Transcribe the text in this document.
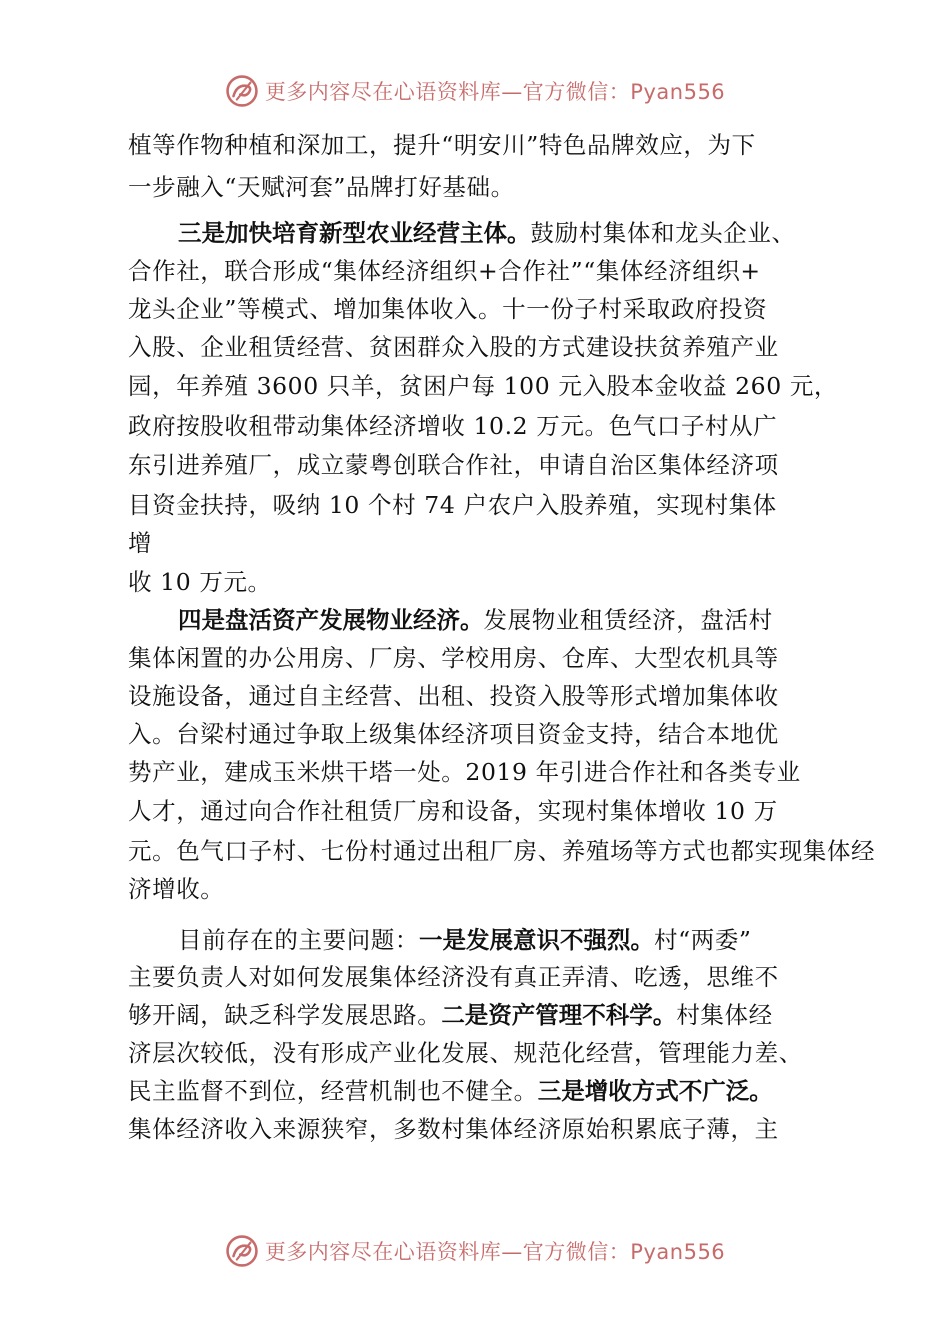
更多内容尽在心语资料库—官方微信：Pyan556
植等作物种植和深加工，提升“明安川”特色品牌效应，为下
一步融入“天赋河套”品牌打好基础。
三是加快培育新型农业经营主体。鼓励村集体和龙头企业、
合作社，联合形成“集体经济组织+合作社”“集体经济组织+
龙头企业”等模式、增加集体收入。十一份子村采取政府投资
入股、企业租赁经营、贫困群众入股的方式建设扶贫养殖产业
园，年养殖 3600 只羊，贫困户每 100 元入股本金收益 260 元，
政府按股收租带动集体经济增收 10.2 万元。色气口子村从广
东引进养殖厂，成立蒙粤创联合作社，申请自治区集体经济项
目资金扶持，吸纳 10 个村 74 户农户入股养殖，实现村集体
增
收 10 万元。
四是盘活资产发展物业经济。发展物业租赁经济，盘活村
集体闲置的办公用房、厂房、学校用房、仓库、大型农机具等
设施设备，通过自主经营、出租、投资入股等形式增加集体收
入。台梁村通过争取上级集体经济项目资金支持，结合本地优
势产业，建成玉米烘干塔一处。2019 年引进合作社和各类专业
人才，通过向合作社租赁厂房和设备，实现村集体增收 10 万
元。色气口子村、七份村通过出租厂房、养殖场等方式也都实现集体经
济增收。
目前存在的主要问题：一是发展意识不强烈。村“两委”
主要负责人对如何发展集体经济没有真正弄清、吃透，思维不
够开阔，缺乏科学发展思路。二是资产管理不科学。村集体经
济层次较低，没有形成产业化发展、规范化经营，管理能力差、
民主监督不到位，经营机制也不健全。三是增收方式不广泛。
集体经济收入来源狭窄，多数村集体经济原始积累底子薄，主
更多内容尽在心语资料库—官方微信：Pyan556
